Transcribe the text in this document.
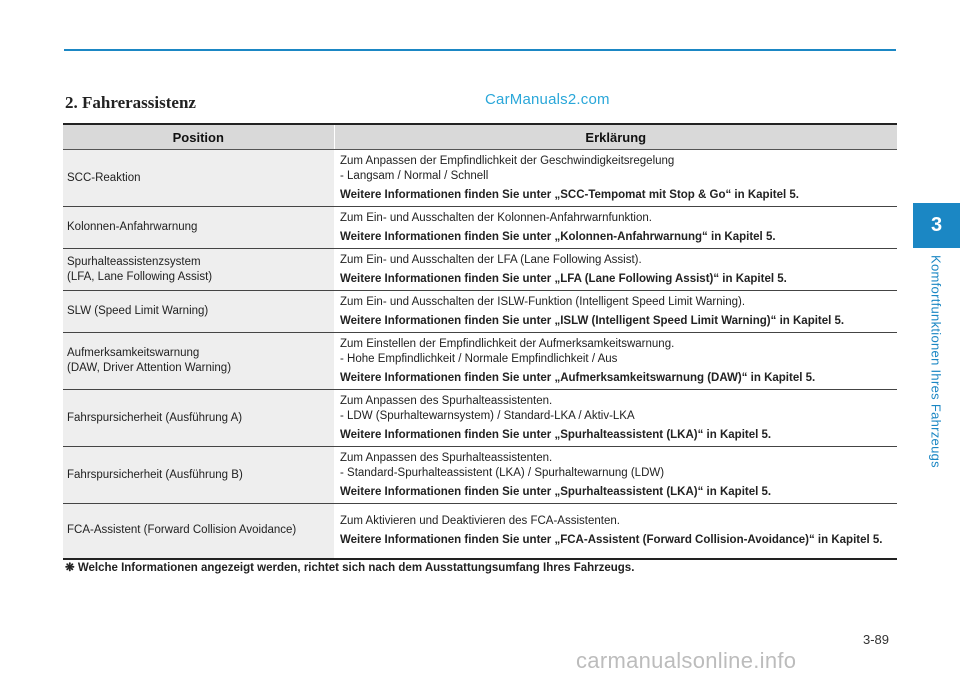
2. Fahrerassistenz	CarManuals2.com
Position	Erklärung

SCC-Reaktion	Zum Anpassen der Empfindlichkeit der Geschwindigkeitsregelung
- Langsam / Normal / Schnell
Weitere Informationen finden Sie unter „SCC-Tempomat mit Stop & Go“ in Kapitel 5.

Kolonnen-Anfahrwarnung	Zum Ein- und Ausschalten der Kolonnen-Anfahrwarnfunktion.
Weitere Informationen finden Sie unter „Kolonnen-Anfahrwarnung“ in Kapitel 5.

Spurhalteassistenzsystem
(LFA, Lane Following Assist)	Zum Ein- und Ausschalten der LFA (Lane Following Assist).
Weitere Informationen finden Sie unter „LFA (Lane Following Assist)“ in Kapitel 5.

SLW (Speed Limit Warning)	Zum Ein- und Ausschalten der ISLW-Funktion (Intelligent Speed Limit Warning).
Weitere Informationen finden Sie unter „ISLW (Intelligent Speed Limit Warning)“ in Kapitel 5.

Aufmerksamkeitswarnung
(DAW, Driver Attention Warning)	Zum Einstellen der Empfindlichkeit der Aufmerksamkeitswarnung.
- Hohe Empfindlichkeit / Normale Empfindlichkeit / Aus
Weitere Informationen finden Sie unter „Aufmerksamkeitswarnung (DAW)“ in Kapitel 5.

Fahrspursicherheit (Ausführung A)	Zum Anpassen des Spurhalteassistenten.
- LDW (Spurhaltewarnsystem) / Standard-LKA / Aktiv-LKA
Weitere Informationen finden Sie unter „Spurhalteassistent (LKA)“ in Kapitel 5.

Fahrspursicherheit (Ausführung B)	Zum Anpassen des Spurhalteassistenten.
- Standard-Spurhalteassistent (LKA) / Spurhaltewarnung (LDW)
Weitere Informationen finden Sie unter „Spurhalteassistent (LKA)“ in Kapitel 5.

FCA-Assistent (Forward Collision Avoidance)	Zum Aktivieren und Deaktivieren des FCA-Assistenten.
Weitere Informationen finden Sie unter „FCA-Assistent (Forward Collision-Avoidance)“ in Kapitel 5.
❋ Welche Informationen angezeigt werden, richtet sich nach dem Ausstattungsumfang Ihres Fahrzeugs.
3
Komfortfunktionen Ihres Fahrzeugs
3-89
carmanualsonline.info
